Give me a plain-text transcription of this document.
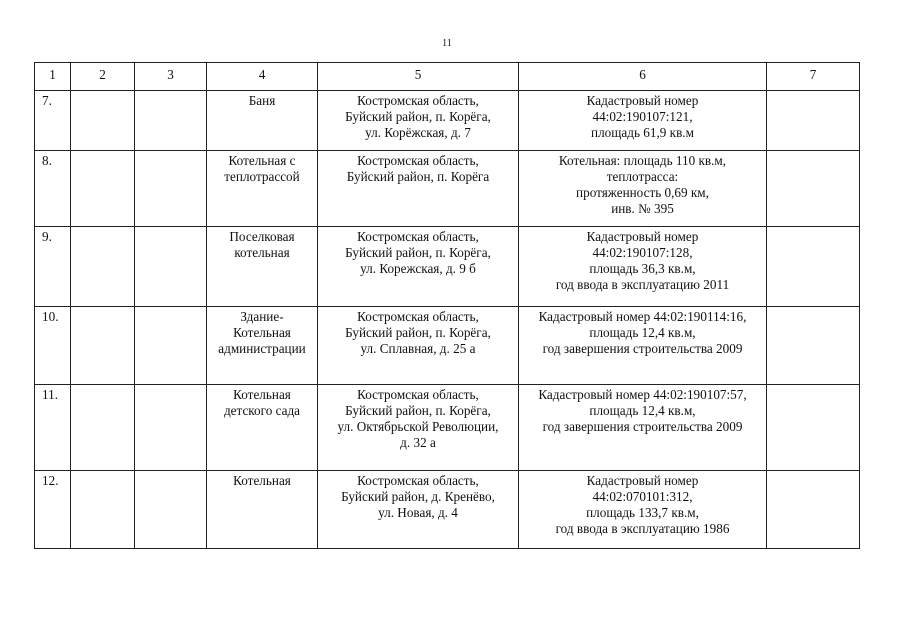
11
1	2	3	4	5	6	7
7.			Баня	Костромская область,
Буйский район, п. Корёга,
ул. Корёжская, д. 7	Кадастровый номер
44:02:190107:121,
площадь 61,9 кв.м	
8.			Котельная с
теплотрассой	Костромская область,
Буйский район, п. Корёга	Котельная: площадь 110 кв.м,
теплотрасса:
протяженность 0,69 км,
инв. № 395	
9.			Поселковая
котельная	Костромская область,
Буйский район, п. Корёга,
ул. Корежская, д. 9 б	Кадастровый номер
44:02:190107:128,
площадь 36,3 кв.м,
год ввода в эксплуатацию 2011	
10.			Здание-
Котельная
администрации	Костромская область,
Буйский район, п. Корёга,
ул. Сплавная, д. 25 а	Кадастровый номер 44:02:190114:16,
площадь 12,4 кв.м,
год завершения строительства 2009	
11.			Котельная
детского сада	Костромская область,
Буйский район, п. Корёга,
ул. Октябрьской Революции,
д. 32 а	Кадастровый номер 44:02:190107:57,
площадь 12,4 кв.м,
год завершения строительства 2009	
12.			Котельная	Костромская область,
Буйский район, д. Кренёво,
ул. Новая, д. 4	Кадастровый номер
44:02:070101:312,
площадь 133,7 кв.м,
год ввода в эксплуатацию 1986	
